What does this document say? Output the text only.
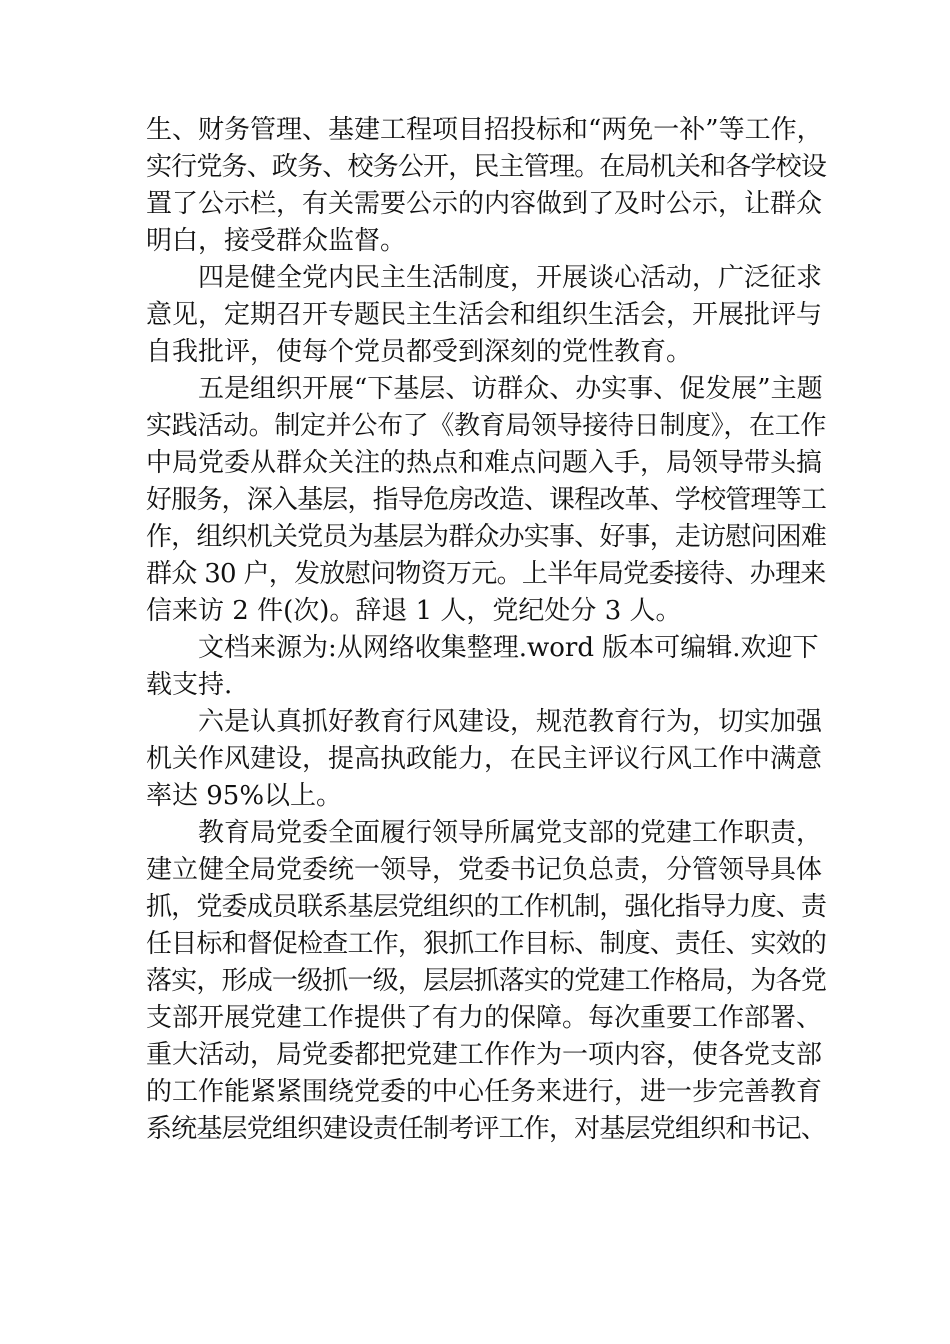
生、财务管理、基建工程项目招投标和“两免一补”等工作，
实行党务、政务、校务公开，民主管理。在局机关和各学校设
置了公示栏，有关需要公示的内容做到了及时公示，让群众
明白，接受群众监督。
　　四是健全党内民主生活制度，开展谈心活动，广泛征求
意见，定期召开专题民主生活会和组织生活会，开展批评与
自我批评，使每个党员都受到深刻的党性教育。
　　五是组织开展“下基层、访群众、办实事、促发展”主题
实践活动。制定并公布了《教育局领导接待日制度》，在工作
中局党委从群众关注的热点和难点问题入手，局领导带头搞
好服务，深入基层，指导危房改造、课程改革、学校管理等工
作，组织机关党员为基层为群众办实事、好事，走访慰问困难
群众 30 户，发放慰问物资万元。上半年局党委接待、办理来
信来访 2 件(次)。辞退 1 人，党纪处分 3 人。
　　文档来源为:从网络收集整理.word 版本可编辑.欢迎下
载支持.
　　六是认真抓好教育行风建设，规范教育行为，切实加强
机关作风建设，提高执政能力，在民主评议行风工作中满意
率达 95%以上。
　　教育局党委全面履行领导所属党支部的党建工作职责，
建立健全局党委统一领导，党委书记负总责，分管领导具体
抓，党委成员联系基层党组织的工作机制，强化指导力度、责
任目标和督促检查工作，狠抓工作目标、制度、责任、实效的
落实，形成一级抓一级，层层抓落实的党建工作格局，为各党
支部开展党建工作提供了有力的保障。每次重要工作部署、
重大活动，局党委都把党建工作作为一项内容，使各党支部
的工作能紧紧围绕党委的中心任务来进行，进一步完善教育
系统基层党组织建设责任制考评工作，对基层党组织和书记、
